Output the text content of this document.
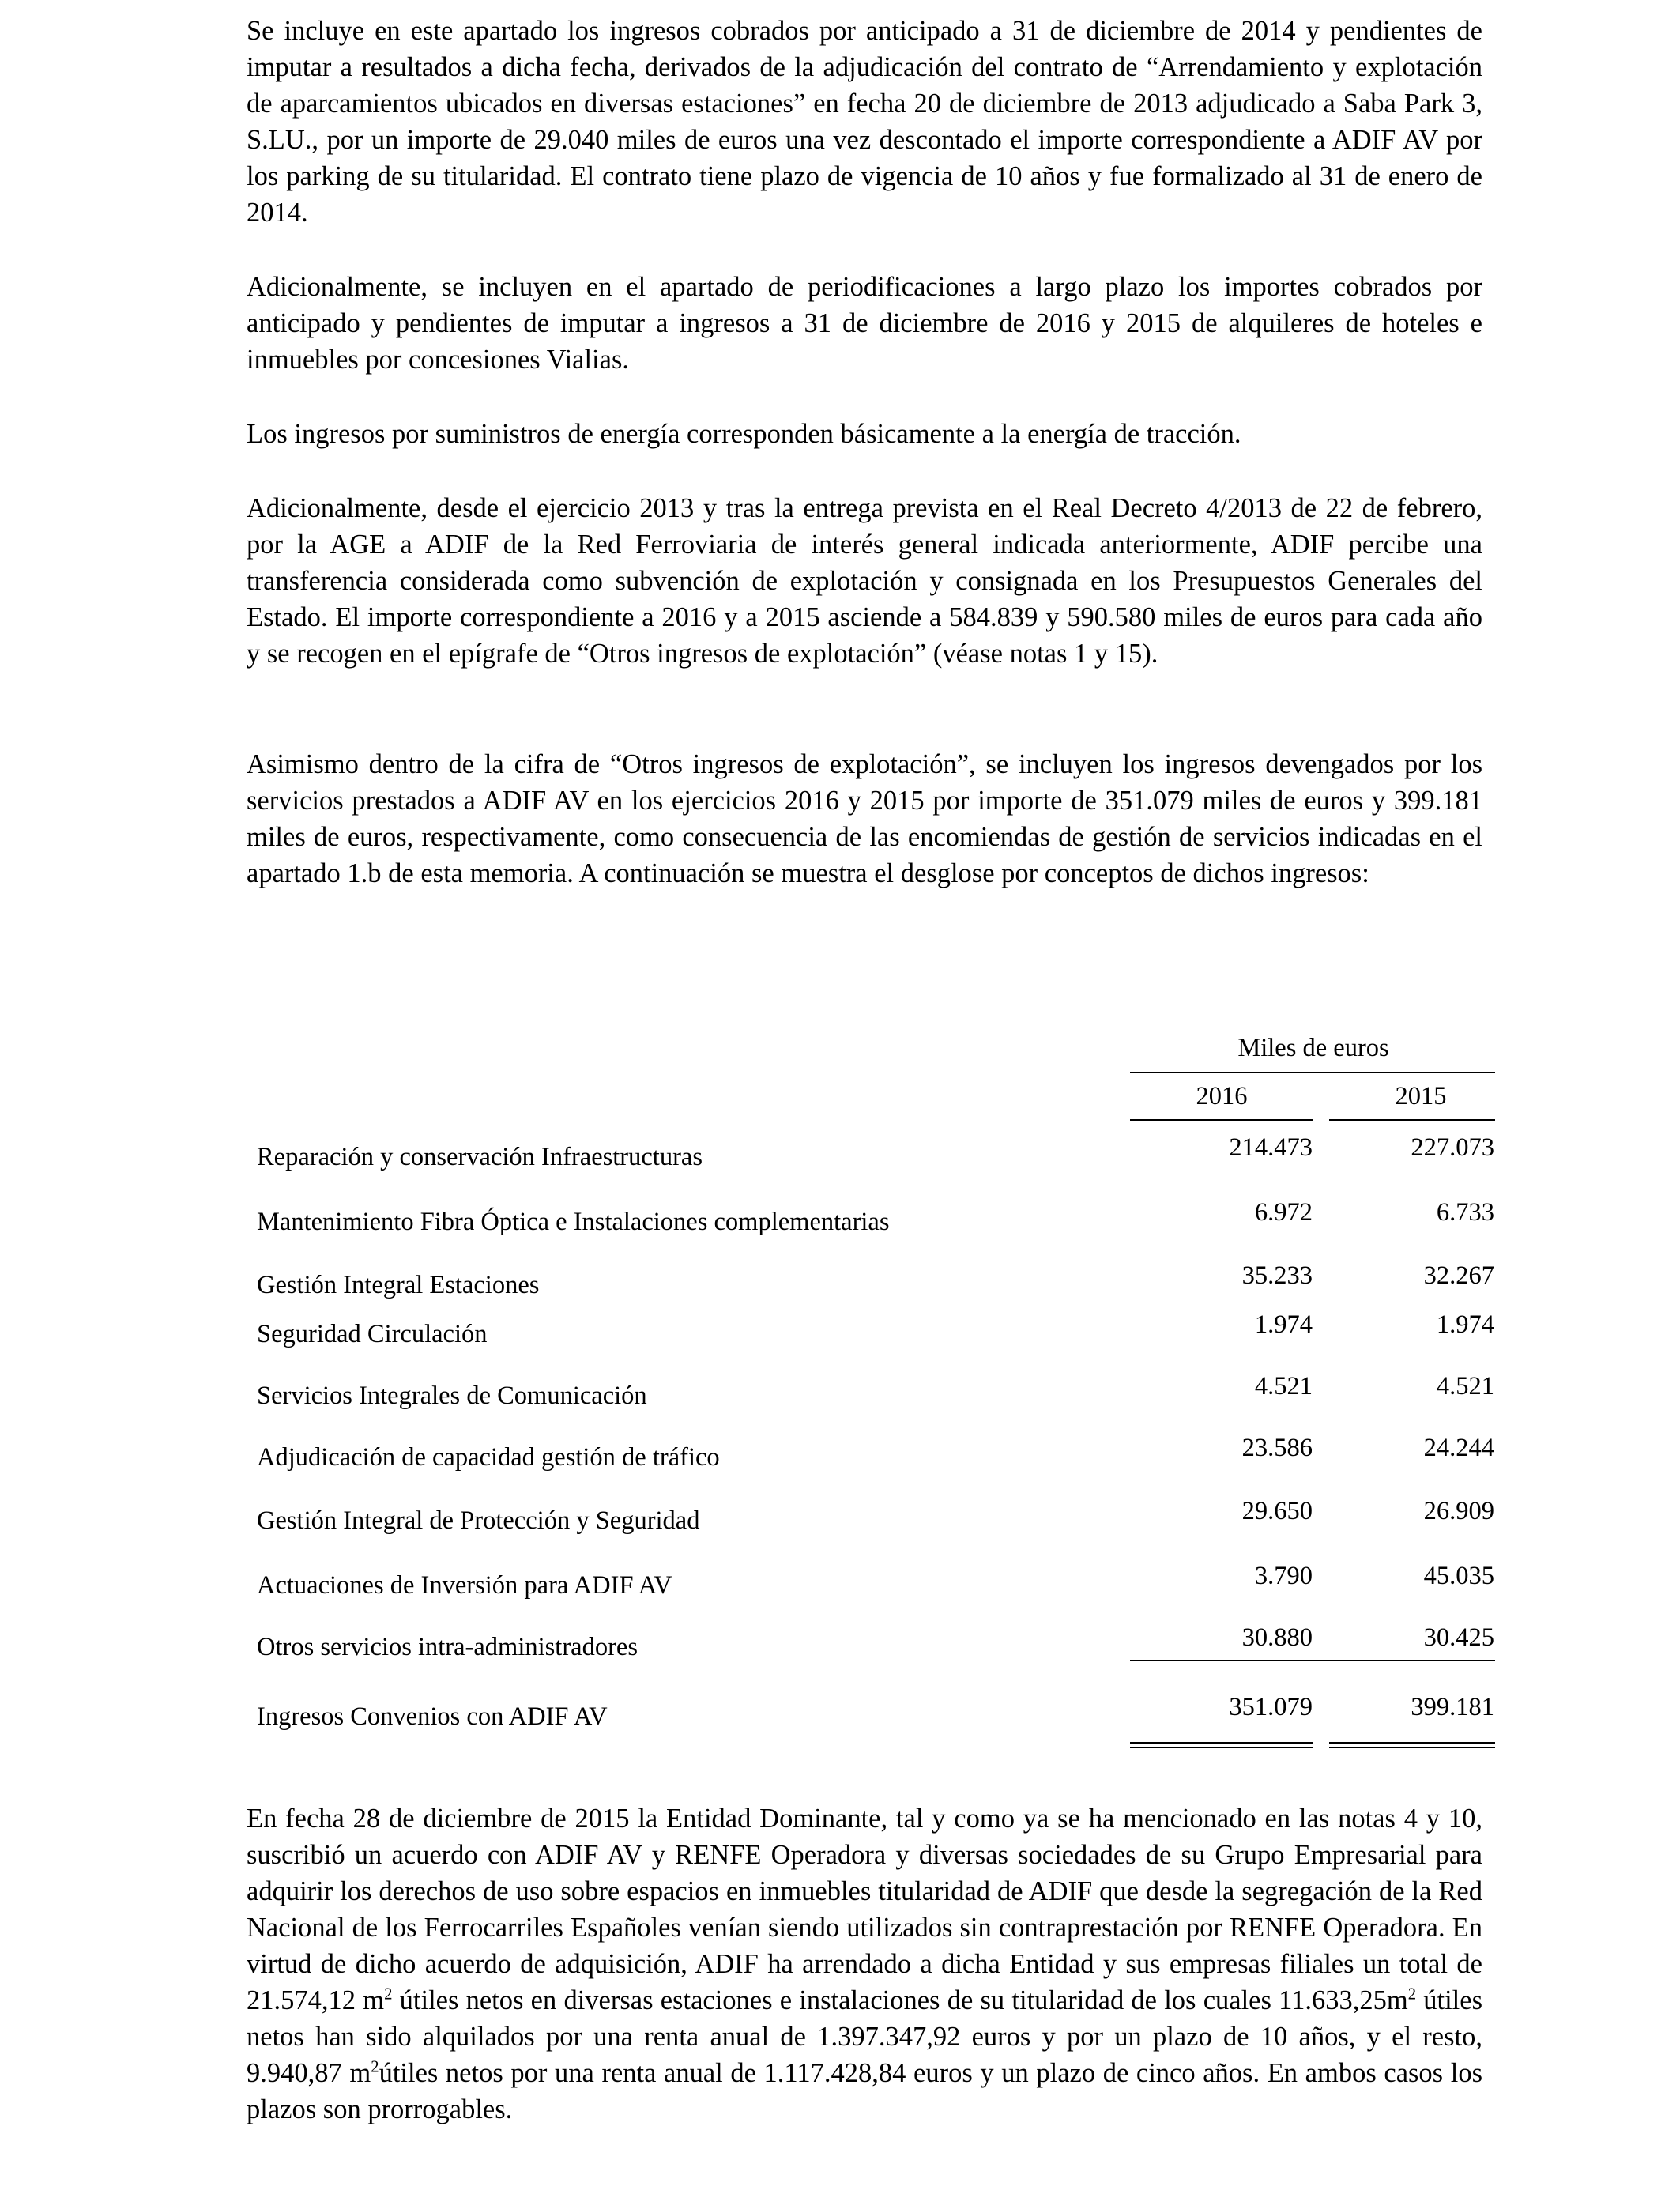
Se incluye en este apartado los ingresos cobrados por anticipado a 31 de diciembre de 2014 y pendientes de imputar a resultados a dicha fecha, derivados de la adjudicación del contrato de “Arrendamiento y explotación de aparcamientos ubicados en diversas estaciones” en fecha 20 de diciembre de 2013 adjudicado a Saba Park 3, S.LU., por un importe de 29.040 miles de euros una vez descontado el importe correspondiente a ADIF AV por los parking de su titularidad. El contrato tiene plazo de vigencia de 10 años y fue formalizado al 31 de enero de 2014.

Adicionalmente, se incluyen en el apartado de periodificaciones a largo plazo los importes cobrados por anticipado y pendientes de imputar a ingresos a 31 de diciembre de 2016 y 2015 de alquileres de hoteles e inmuebles por concesiones Vialias.

Los ingresos por suministros de energía corresponden básicamente a la energía de tracción.

Adicionalmente, desde el ejercicio 2013 y tras la entrega prevista en el Real Decreto 4/2013 de 22 de febrero, por la AGE a ADIF de la Red Ferroviaria de interés general indicada anteriormente, ADIF percibe una transferencia considerada como subvención de explotación y consignada en los Presupuestos Generales del Estado. El importe correspondiente a 2016 y a 2015 asciende a 584.839 y 590.580 miles de euros para cada año y se recogen en el epígrafe de “Otros ingresos de explotación” (véase notas 1 y 15).

Asimismo dentro de la cifra de “Otros ingresos de explotación”, se incluyen los ingresos devengados por los servicios prestados a ADIF AV en los ejercicios 2016 y 2015 por importe de 351.079 miles de euros y 399.181 miles de euros, respectivamente, como consecuencia de las encomiendas de gestión de servicios indicadas en el apartado 1.b de esta memoria. A continuación se muestra el desglose por conceptos de dichos ingresos:

Miles de euros
2016	2015
Reparación y conservación Infraestructuras	214.473	227.073
Mantenimiento Fibra Óptica e Instalaciones complementarias	6.972	6.733
Gestión Integral Estaciones	35.233	32.267
Seguridad Circulación	1.974	1.974
Servicios Integrales de Comunicación	4.521	4.521
Adjudicación de capacidad gestión de tráfico	23.586	24.244
Gestión Integral de Protección y Seguridad	29.650	26.909
Actuaciones de Inversión para ADIF AV	3.790	45.035
Otros servicios intra-administradores	30.880	30.425
Ingresos Convenios con ADIF AV	351.079	399.181

En fecha 28 de diciembre de 2015 la Entidad Dominante, tal y como ya se ha mencionado en las notas 4 y 10, suscribió un acuerdo con ADIF AV y RENFE Operadora y diversas sociedades de su Grupo Empresarial para adquirir los derechos de uso sobre espacios en inmuebles titularidad de ADIF que desde la segregación de la Red Nacional de los Ferrocarriles Españoles venían siendo utilizados sin contraprestación por RENFE Operadora. En virtud de dicho acuerdo de adquisición, ADIF ha arrendado a dicha Entidad y sus empresas filiales un total de 21.574,12 $m^2$ útiles netos en diversas estaciones e instalaciones de su titularidad de los cuales $11.633,25m^2$ útiles netos han sido alquilados por una renta anual de 1.397.347,92 euros y por un plazo de 10 años, y el resto, 9.940,87 $m^2útiles$ netos por una renta anual de 1.117.428,84 euros y un plazo de cinco años. En ambos casos los plazos son prorrogables.
